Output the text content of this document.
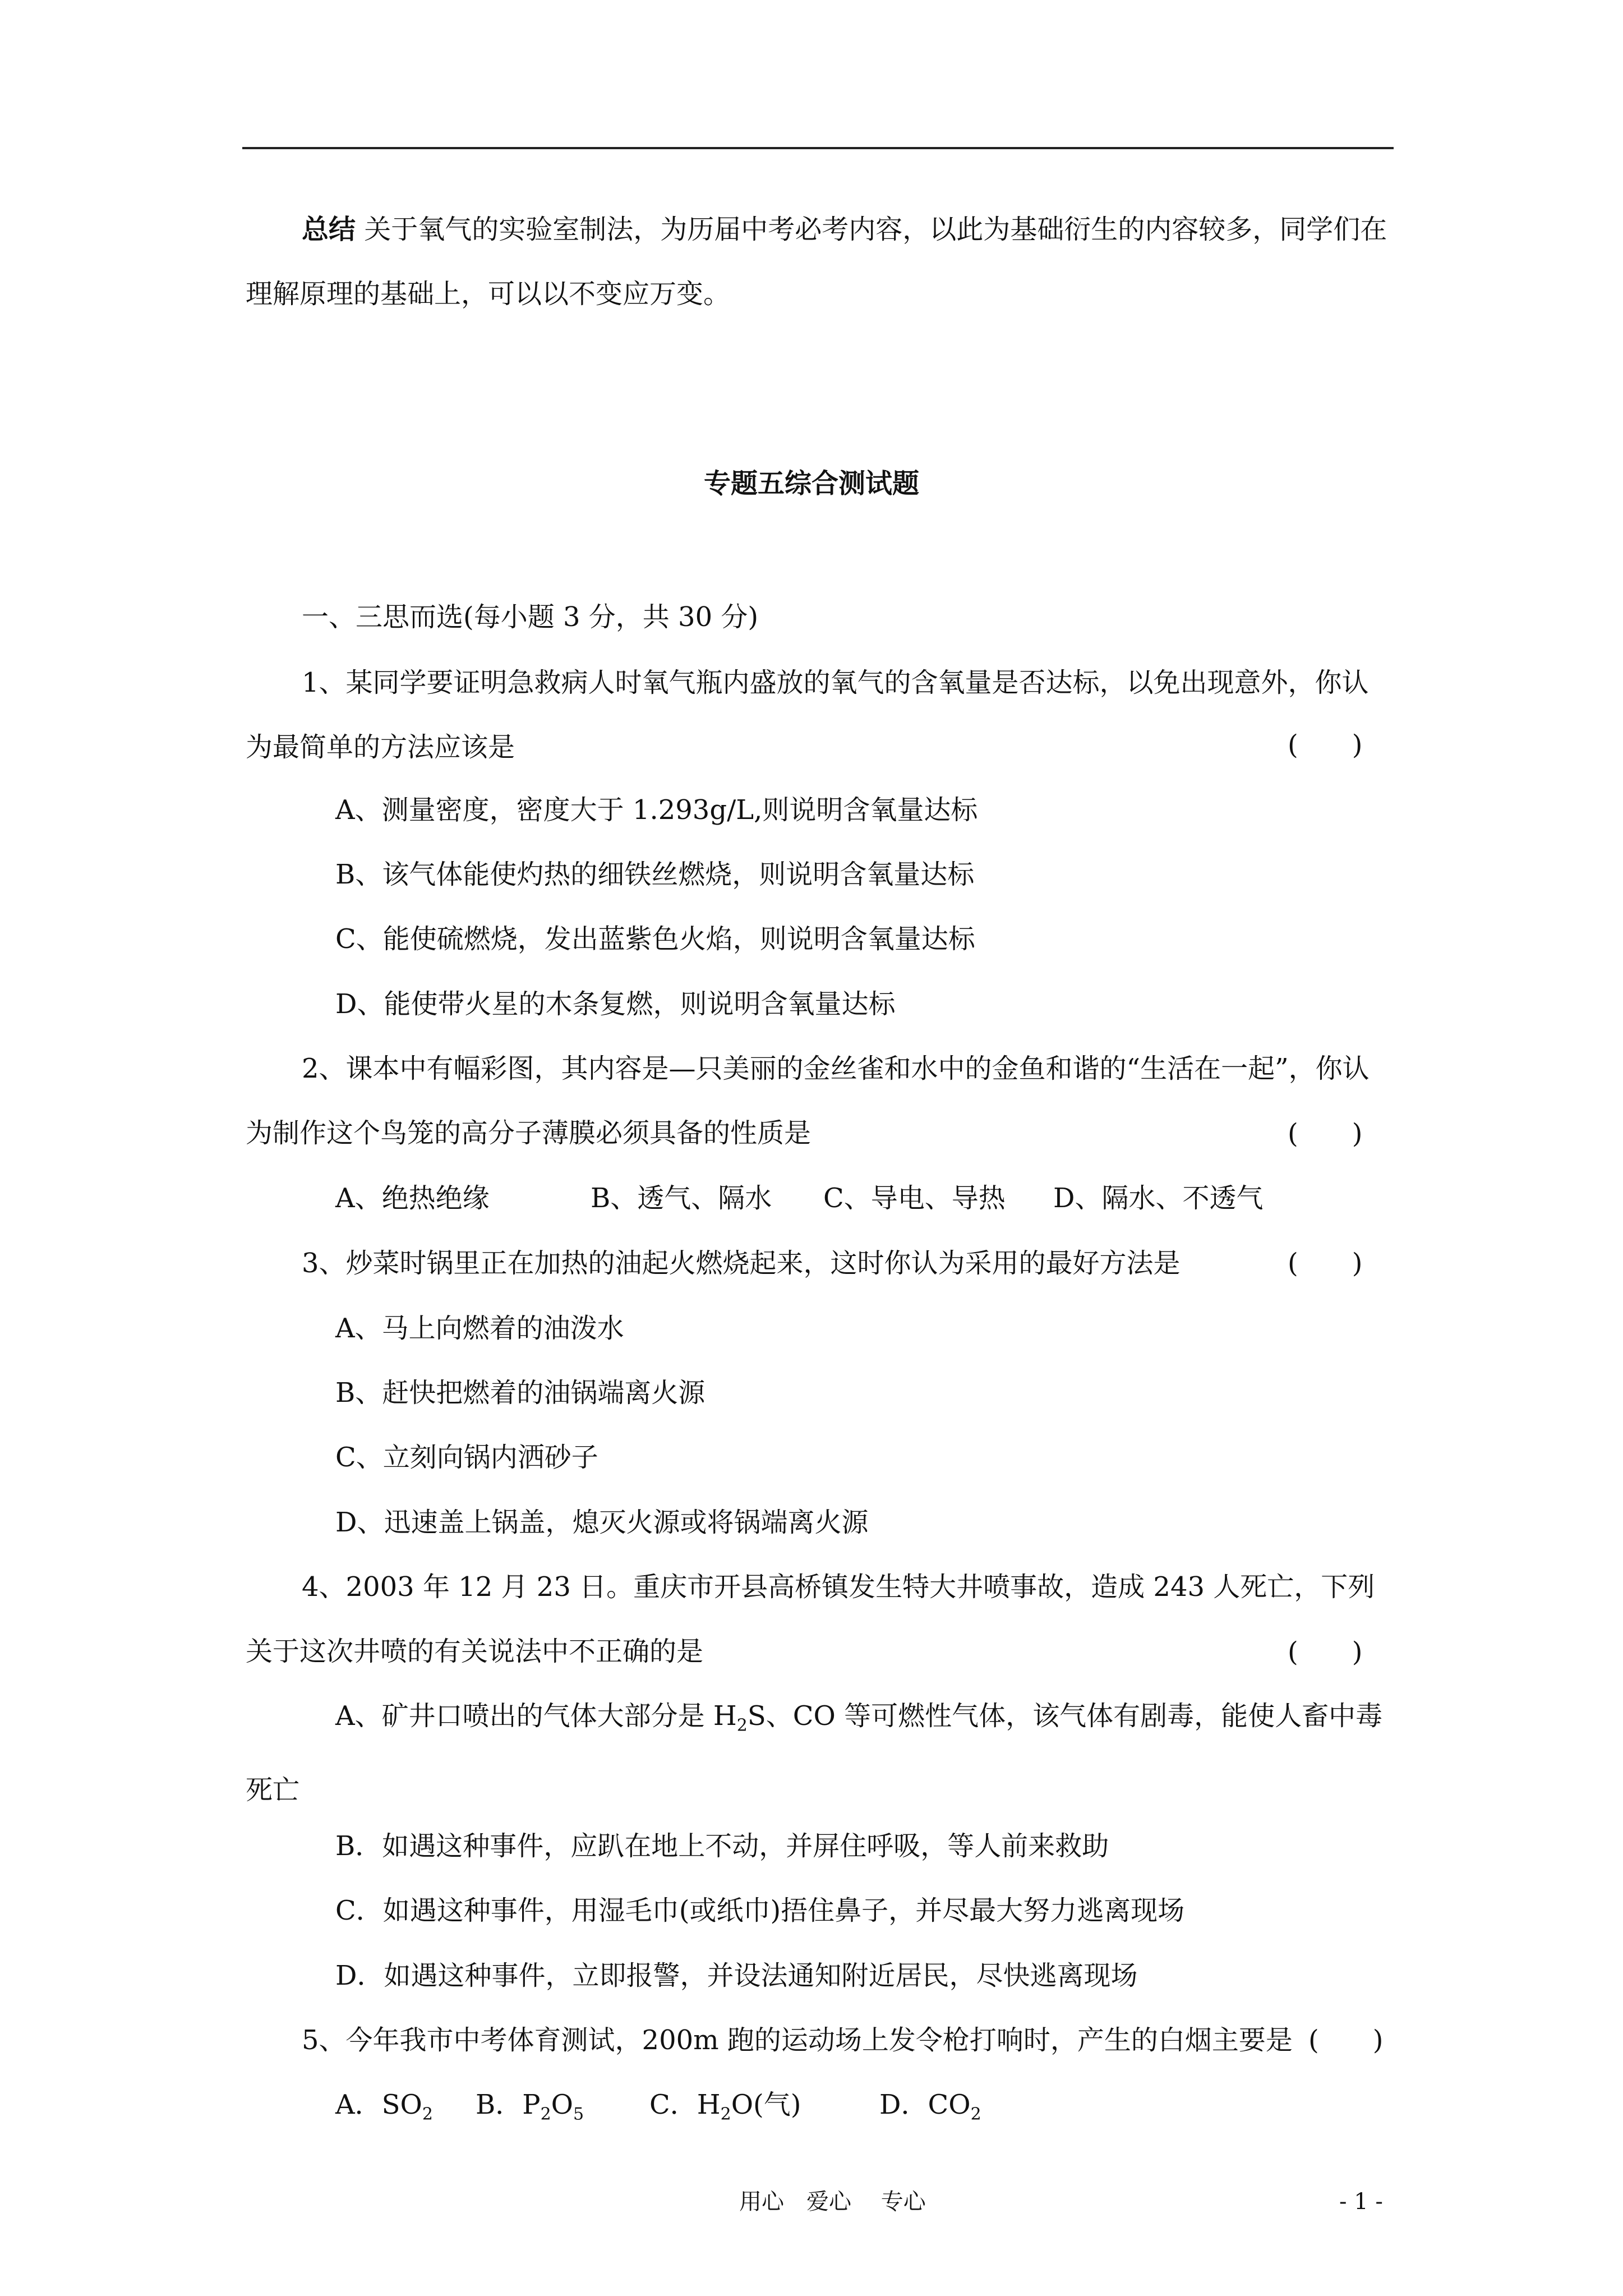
总结 关于氧气的实验室制法，为历届中考必考内容，以此为基础衍生的内容较多，同学们在理解原理的基础上，可以以不变应万变。
专题五综合测试题
一、三思而选(每小题 3 分，共 30 分)
1、某同学要证明急救病人时氧气瓶内盛放的氧气的含氧量是否达标，以免出现意外，你认为最简单的方法应该是	(　　)
A、测量密度，密度大于 1.293g/L,则说明含氧量达标
B、该气体能使灼热的细铁丝燃烧，则说明含氧量达标
C、能使硫燃烧，发出蓝紫色火焰，则说明含氧量达标
D、能使带火星的木条复燃，则说明含氧量达标
2、课本中有幅彩图，其内容是—只美丽的金丝雀和水中的金鱼和谐的“生活在一起”，你认为制作这个鸟笼的高分子薄膜必须具备的性质是	(　　)
A、绝热绝缘	B、透气、隔水 C、导电、导热 D、隔水、不透气
3、炒菜时锅里正在加热的油起火燃烧起来，这时你认为采用的最好方法是	(　　)
A、马上向燃着的油泼水
B、赶快把燃着的油锅端离火源
C、立刻向锅内洒砂子
D、迅速盖上锅盖，熄灭火源或将锅端离火源
4、2003 年 12 月 23 日。重庆市开县高桥镇发生特大井喷事故，造成 243 人死亡，下列关于这次井喷的有关说法中不正确的是	(　　)
A、矿井口喷出的气体大部分是 $H_2S$、CO 等可燃性气体，该气体有剧毒，能使人畜中毒死亡
B．如遇这种事件，应趴在地上不动，并屏住呼吸，等人前来救助
C．如遇这种事件，用湿毛巾(或纸巾)捂住鼻子，并尽最大努力逃离现场
D．如遇这种事件，立即报警，并设法通知附近居民，尽快逃离现场
5、今年我市中考体育测试，200m 跑的运动场上发令枪打响时，产生的白烟主要是 (　　)
A．$SO_2$ B．$P_2O_5$ C．$H_2O$(气)	D．$CO_2$
用心　爱心　 专心	- 1 -
